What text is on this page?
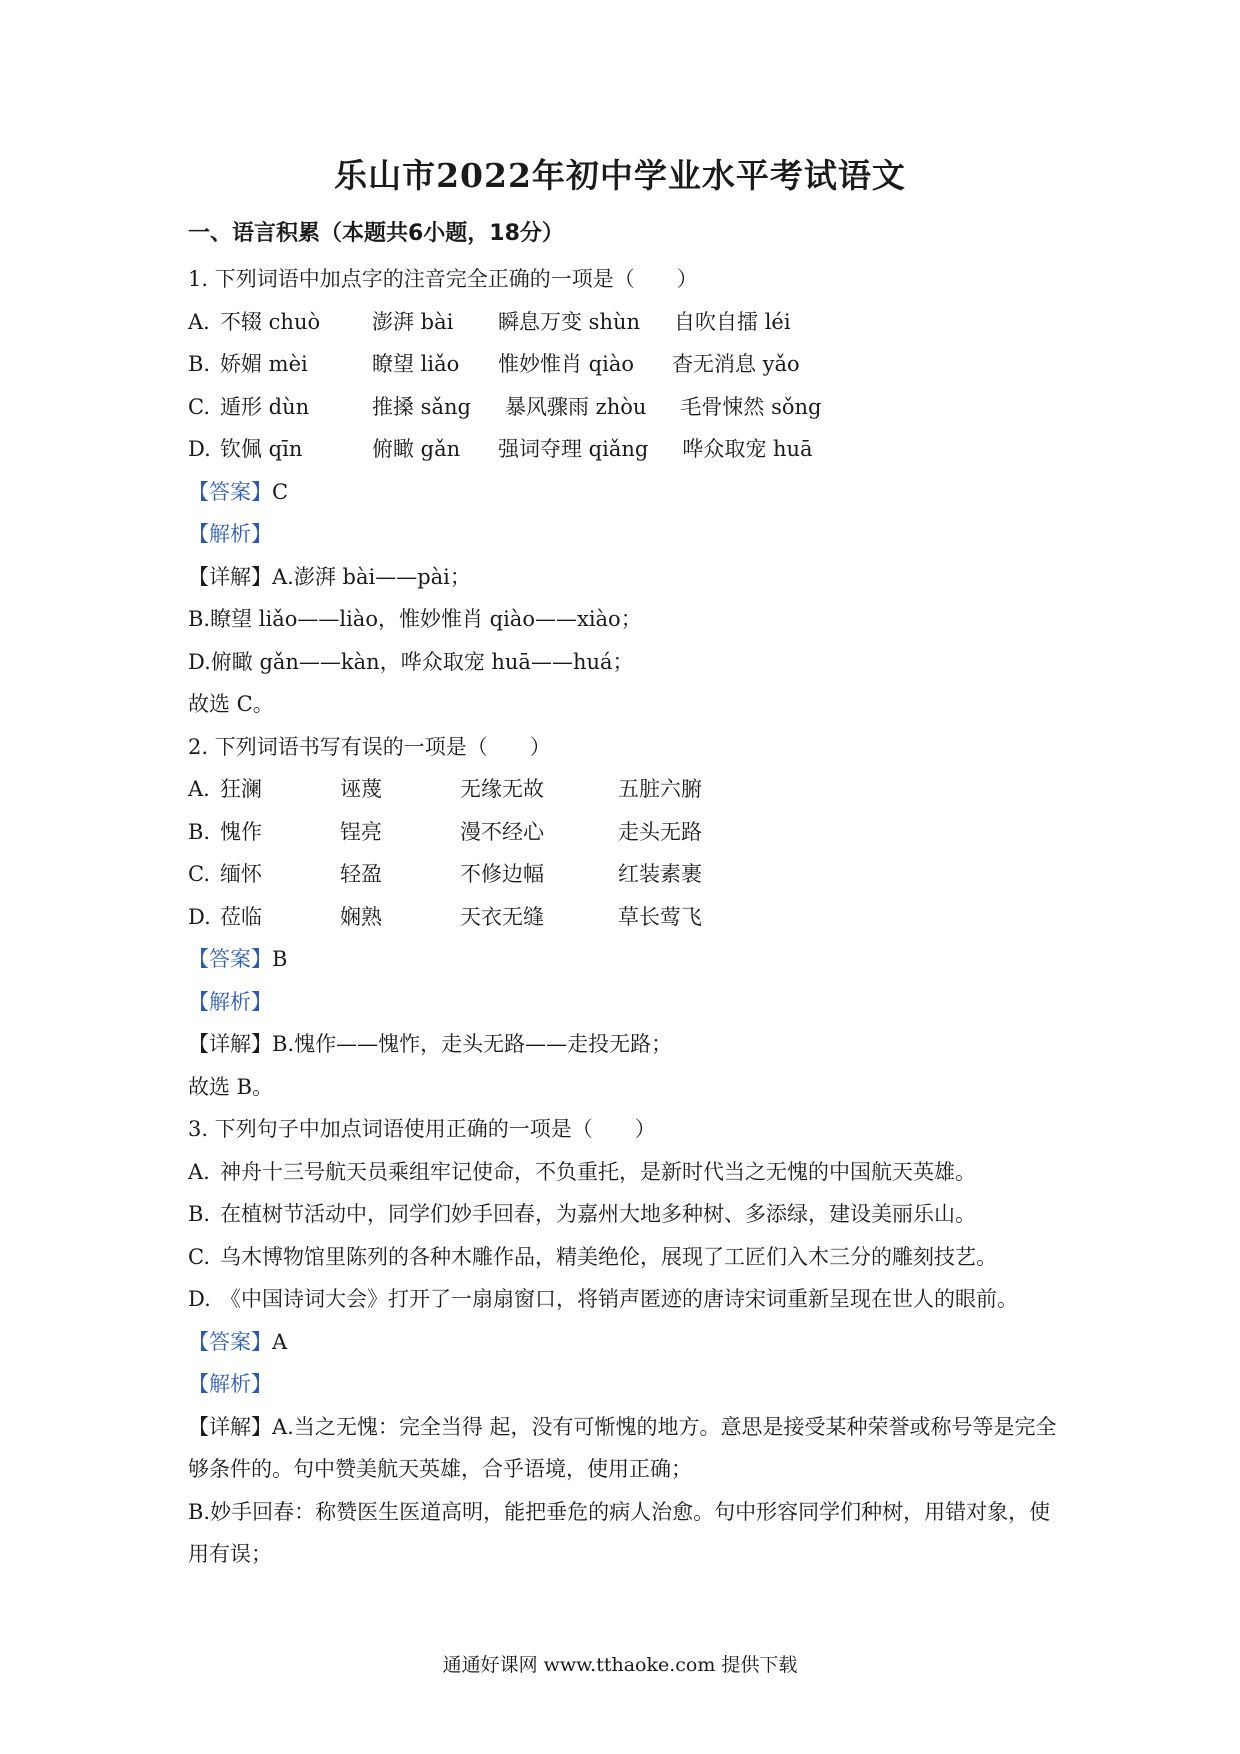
乐山市2022年初中学业水平考试语文
一、语言积累（本题共6小题，18分）
1. 下列词语中加点字的注音完全正确的一项是（　　）
A. 不辍 chuò 澎湃 bài 瞬息万变 shùn 自吹自擂 léi
B. 娇媚 mèi	瞭望 liǎo 惟妙惟肖 qiào 杳无消息 yǎo
C. 遁形 dùn	推搡 sǎng 暴风骤雨 zhòu 毛骨悚然 sǒng
D. 钦佩 qīn	俯瞰 gǎn 强词夺理 qiǎng 哗众取宠 huā
【答案】C
【解析】
【详解】A.澎湃 bài——pài；
B.瞭望 liǎo——liào，惟妙惟肖 qiào——xiào；
D.俯瞰 gǎn——kàn，哗众取宠 huā——huá；
故选 C。
2. 下列词语书写有误的一项是（　　）
A. 狂澜	诬蔑	无缘无故	五脏六腑
B. 愧作	锃亮	漫不经心	走头无路
C. 缅怀	轻盈	不修边幅	红装素裹
D. 莅临	娴熟	天衣无缝	草长莺飞
【答案】B
【解析】
【详解】B.愧作——愧怍，走头无路——走投无路；
故选 B。
3. 下列句子中加点词语使用正确的一项是（　　）
A. 神舟十三号航天员乘组牢记使命，不负重托，是新时代当之无愧的中国航天英雄。
B. 在植树节活动中，同学们妙手回春，为嘉州大地多种树、多添绿，建设美丽乐山。
C. 乌木博物馆里陈列的各种木雕作品，精美绝伦，展现了工匠们入木三分的雕刻技艺。
D. 《中国诗词大会》打开了一扇扇窗口，将销声匿迹的唐诗宋词重新呈现在世人的眼前。
【答案】A
【解析】
【详解】A.当之无愧：完全当得 起，没有可惭愧的地方。意思是接受某种荣誉或称号等是完全够条件的。句中赞美航天英雄，合乎语境，使用正确；
B.妙手回春：称赞医生医道高明，能把垂危的病人治愈。句中形容同学们种树，用错对象，使用有误；
通通好课网 www.tthaoke.com 提供下载
